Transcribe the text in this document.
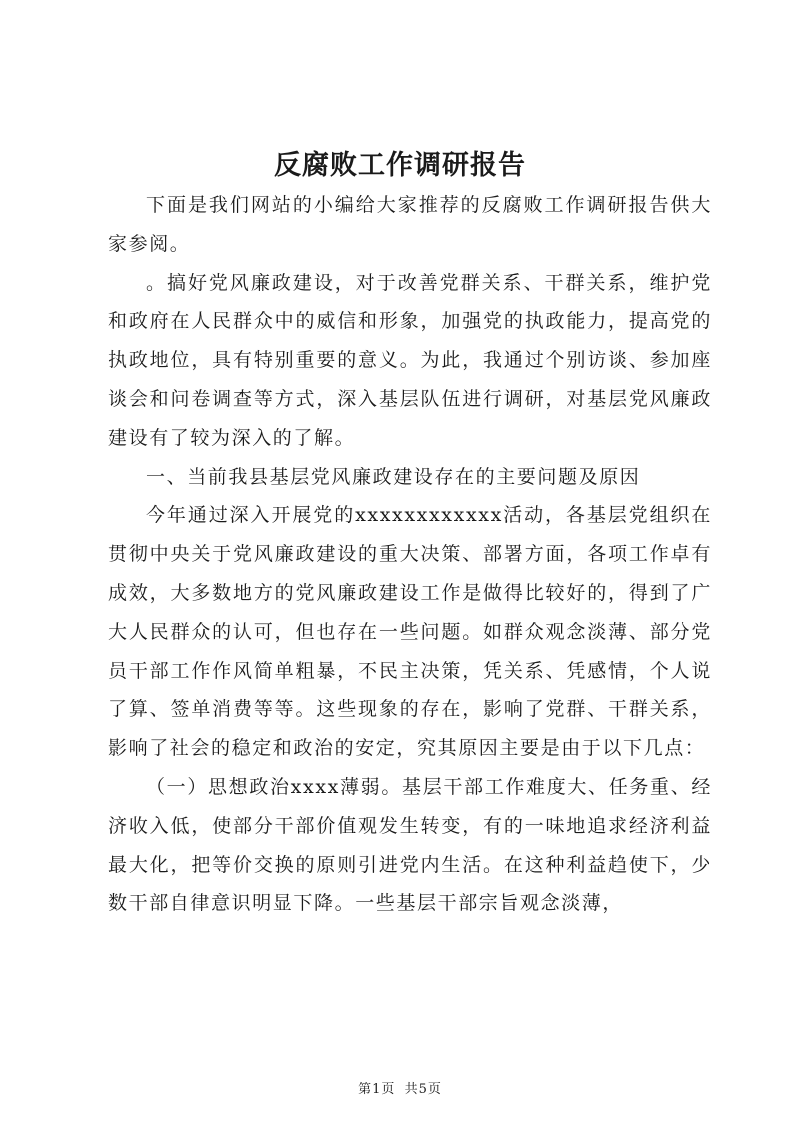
反腐败工作调研报告

下面是我们网站的小编给大家推荐的反腐败工作调研报告供大家参阅。

。搞好党风廉政建设，对于改善党群关系、干群关系，维护党和政府在人民群众中的威信和形象，加强党的执政能力，提高党的执政地位，具有特别重要的意义。为此，我通过个别访谈、参加座谈会和问卷调查等方式，深入基层队伍进行调研，对基层党风廉政建设有了较为深入的了解。

一、当前我县基层党风廉政建设存在的主要问题及原因

今年通过深入开展党的xxxxxxxxxxxx活动，各基层党组织在贯彻中央关于党风廉政建设的重大决策、部署方面，各项工作卓有成效，大多数地方的党风廉政建设工作是做得比较好的，得到了广大人民群众的认可，但也存在一些问题。如群众观念淡薄、部分党员干部工作作风简单粗暴，不民主决策，凭关系、凭感情，个人说了算、签单消费等等。这些现象的存在，影响了党群、干群关系，影响了社会的稳定和政治的安定，究其原因主要是由于以下几点：

（一）思想政治xxxx薄弱。基层干部工作难度大、任务重、经济收入低，使部分干部价值观发生转变，有的一味地追求经济利益最大化，把等价交换的原则引进党内生活。在这种利益趋使下，少数干部自律意识明显下降。一些基层干部宗旨观念淡薄，

第1页 共5页
